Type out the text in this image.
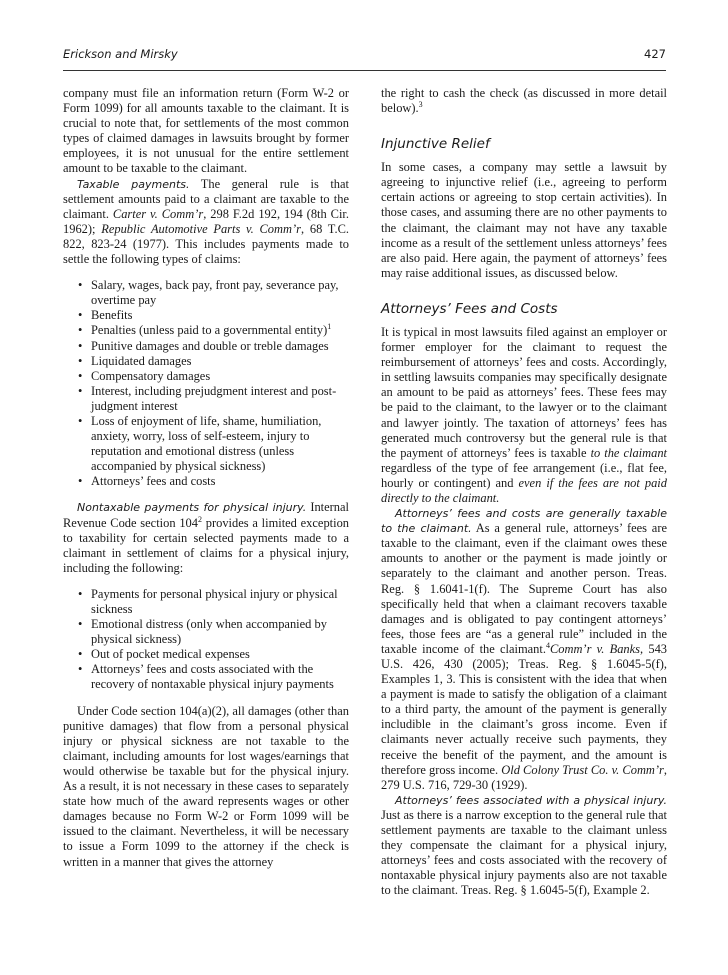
Erickson and Mirsky	427

company must file an information return (Form W-2 or Form 1099) for all amounts taxable to the claimant. It is crucial to note that, for settlements of the most common types of claimed damages in lawsuits brought by former employees, it is not unusual for the entire settlement amount to be taxable to the claimant.

Taxable payments. The general rule is that settlement amounts paid to a claimant are taxable to the claimant. Carter v. Comm’r, 298 F.2d 192, 194 (8th Cir. 1962); Republic Automotive Parts v. Comm’r, 68 T.C. 822, 823-24 (1977). This includes payments made to settle the following types of claims:

• Salary, wages, back pay, front pay, severance pay, overtime pay
• Benefits
• Penalties (unless paid to a governmental entity)$^1$
• Punitive damages and double or treble damages
• Liquidated damages
• Compensatory damages
• Interest, including prejudgment interest and post-judgment interest
• Loss of enjoyment of life, shame, humiliation, anxiety, worry, loss of self-esteem, injury to reputation and emotional distress (unless accompanied by physical sickness)
• Attorneys’ fees and costs

Nontaxable payments for physical injury. Internal Revenue Code section $104^2$ provides a limited exception to taxability for certain selected payments made to a claimant in settlement of claims for a physical injury, including the following:

• Payments for personal physical injury or physical sickness
• Emotional distress (only when accompanied by physical sickness)
• Out of pocket medical expenses
• Attorneys’ fees and costs associated with the recovery of nontaxable physical injury payments

Under Code section 104(a)(2), all damages (other than punitive damages) that flow from a personal physical injury or physical sickness are not taxable to the claimant, including amounts for lost wages/earnings that would otherwise be taxable but for the physical injury. As a result, it is not necessary in these cases to separately state how much of the award represents wages or other damages because no Form W-2 or Form 1099 will be issued to the claimant. Nevertheless, it will be necessary to issue a Form 1099 to the attorney if the check is written in a manner that gives the attorney

the right to cash the check (as discussed in more detail below).$^3$

Injunctive Relief

In some cases, a company may settle a lawsuit by agreeing to injunctive relief (i.e., agreeing to perform certain actions or agreeing to stop certain activities). In those cases, and assuming there are no other payments to the claimant, the claimant may not have any taxable income as a result of the settlement unless attorneys’ fees are also paid. Here again, the payment of attorneys’ fees may raise additional issues, as discussed below.

Attorneys’ Fees and Costs

It is typical in most lawsuits filed against an employer or former employer for the claimant to request the reimbursement of attorneys’ fees and costs. Accordingly, in settling lawsuits companies may specifically designate an amount to be paid as attorneys’ fees. These fees may be paid to the claimant, to the lawyer or to the claimant and lawyer jointly. The taxation of attorneys’ fees has generated much controversy but the general rule is that the payment of attorneys’ fees is taxable to the claimant regardless of the type of fee arrangement (i.e., flat fee, hourly or contingent) and even if the fees are not paid directly to the claimant.

Attorneys’ fees and costs are generally taxable to the claimant. As a general rule, attorneys’ fees are taxable to the claimant, even if the claimant owes these amounts to another or the payment is made jointly or separately to the claimant and another person. Treas. Reg. § 1.6041-1(f). The Supreme Court has also specifically held that when a claimant recovers taxable damages and is obligated to pay contingent attorneys’ fees, those fees are “as a general rule” included in the taxable income of the claimant.$^4$Comm’r v. Banks, 543 U.S. 426, 430 (2005); Treas. Reg. § 1.6045-5(f), Examples 1, 3. This is consistent with the idea that when a payment is made to satisfy the obligation of a claimant to a third party, the amount of the payment is generally includible in the claimant’s gross income. Even if claimants never actually receive such payments, they receive the benefit of the payment, and the amount is therefore gross income. Old Colony Trust Co. v. Comm’r, 279 U.S. 716, 729-30 (1929).

Attorneys’ fees associated with a physical injury. Just as there is a narrow exception to the general rule that settlement payments are taxable to the claimant unless they compensate the claimant for a physical injury, attorneys’ fees and costs associated with the recovery of nontaxable physical injury payments also are not taxable to the claimant. Treas. Reg. § 1.6045-5(f), Example 2.
